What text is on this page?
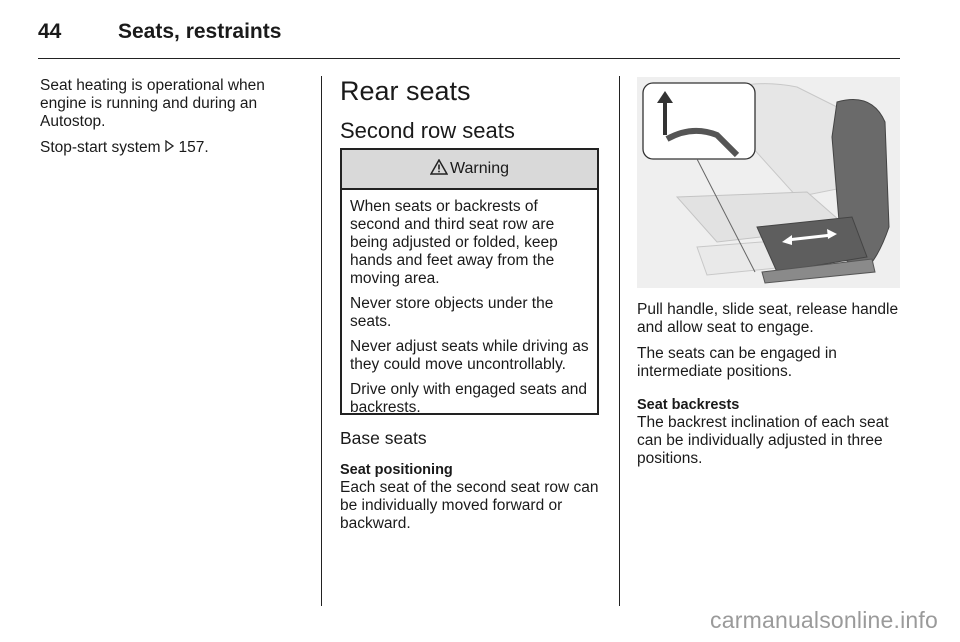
44	Seats, restraints

Seat heating is operational when engine is running and during an Autostop.

Stop-start system 157.

Rear seats
Second row seats
Warning

When seats or backrests of second and third seat row are being adjusted or folded, keep hands and feet away from the moving area.

Never store objects under the seats.

Never adjust seats while driving as they could move uncontrollably.

Drive only with engaged seats and backrests.

Base seats
Seat positioning
Each seat of the second seat row can be individually moved forward or backward.

Pull handle, slide seat, release handle and allow seat to engage.

The seats can be engaged in intermediate positions.

Seat backrests
The backrest inclination of each seat can be individually adjusted in three positions.

carmanualsonline.info
